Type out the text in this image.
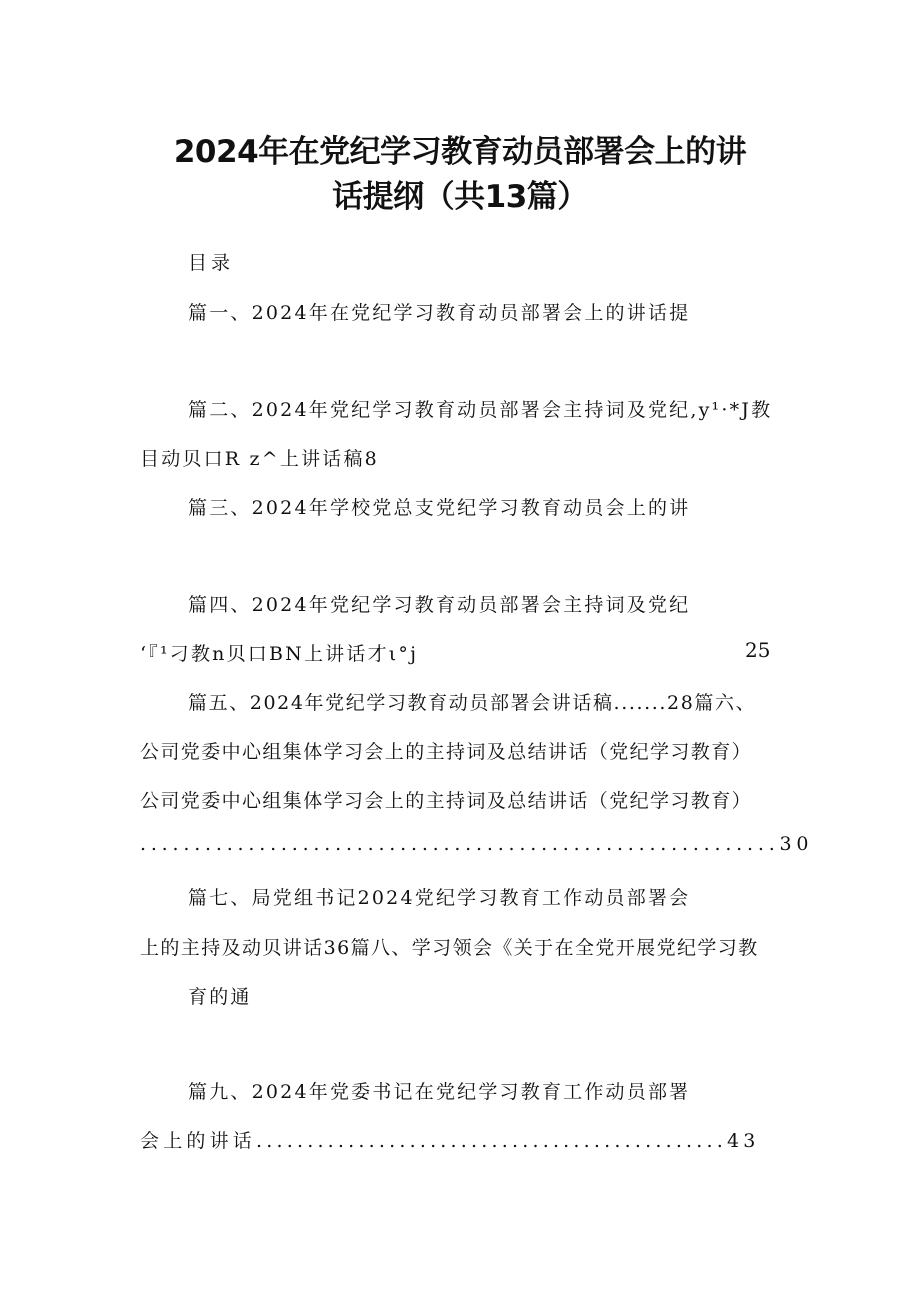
2024年在党纪学习教育动员部署会上的讲
话提纲（共13篇）
目录
篇一、2024年在党纪学习教育动员部署会上的讲话提
篇二、2024年党纪学习教育动员部署会主持词及党纪,y¹·*J教
目动贝口R z^上讲话稿8
篇三、2024年学校党总支党纪学习教育动员会上的讲
篇四、2024年党纪学习教育动员部署会主持词及党纪
‘『¹刁教n贝口BN上讲话才ι°j	25
篇五、2024年党纪学习教育动员部署会讲话稿.......28篇六、
公司党委中心组集体学习会上的主持词及总结讲话（党纪学习教育）
公司党委中心组集体学习会上的主持词及总结讲话（党纪学习教育）
...........................................................30
篇七、局党组书记2024党纪学习教育工作动员部署会
上的主持及动贝讲话36篇八、学习领会《关于在全党开展党纪学习教
育的通
篇九、2024年党委书记在党纪学习教育工作动员部署
会上的讲话..............................................43
